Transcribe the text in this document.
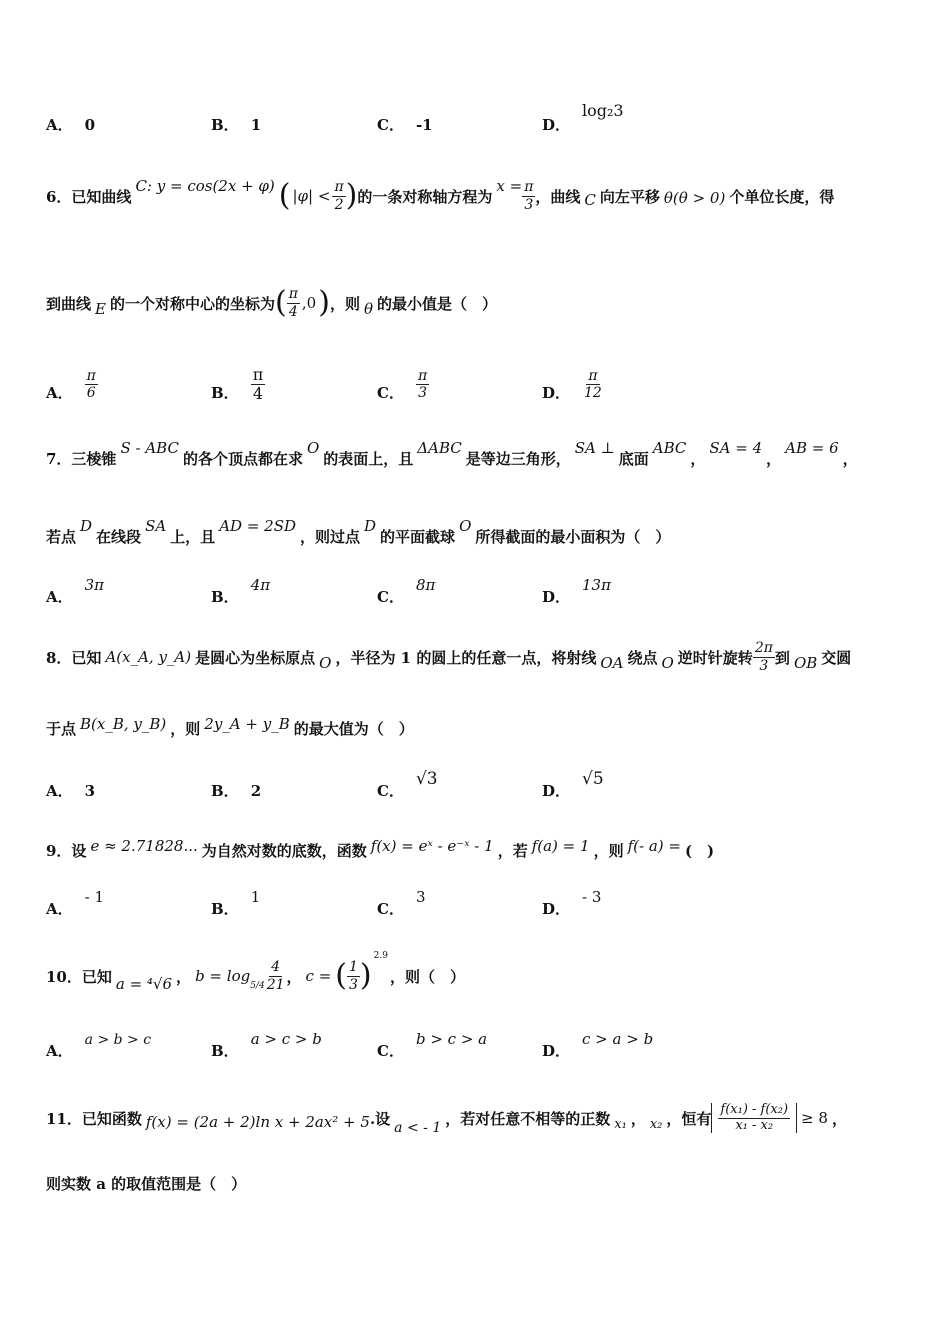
A． 0	B． 1	C． -1	D．
log₂3
6．已知曲线
C: y = cos(2x + φ) ( $|\varphi| < \frac{\pi}{2}$ ) 的一条对称轴方程为
$x = \frac{\pi}{3}$ ，曲线 C 向左平移 θ(θ > 0) 个单位长度，得
到曲线 E 的一个对称中心的坐标为 ( $\frac{\pi}{4} ,0$ ) ，则 θ 的最小值是（　）
A． $\frac{\pi}{6}$	B． $\frac{\pi}{4}$	C． $\frac{\pi}{3}$	D． $\frac{\pi}{12}$
7．三棱锥
S - ABC
的各个顶点都在求
O
的表面上，且
ΔABC
是等边三角形，
SA ⊥
底面
ABC
，
SA = 4
，
AB = 6
，
若点
D
在线段
SA
上，且
AD = 2SD
，则过点
D
的平面截球
O
所得截面的最小面积为（　）
A．
3π
B．
4π
C．
8π
D．
13π
8．已知 A(x_A, y_A) 是圆心为坐标原点 O ，半径为 1 的圆上的任意一点，将射线 OA 绕点 O 逆时针旋转 $\frac{2\pi}{3}$ 到 OB 交圆
于点 B(x_B, y_B) ，则 2y_A + y_B 的最大值为（　）
A． 3	B． 2	C．
√3
D．
√5
9．设 e ≈ 2.71828... 为自然对数的底数，函数 f(x) = eˣ - e⁻ˣ - 1 ，若 f(a) = 1 ，则 f(- a) = (　)
A．
- 1
B．
1
C．
3
D．
- 3
10．已知 a = ⁴√6 ， b = log
$5/4 \frac{4}{21}$ ， c = ( $\frac{1}{3}$ )
2.9
，则（　）
A．
a > b > c
B．
a > c > b
C．
b > c > a
D．
c > a > b
11．已知函数 f(x) = (2a + 2)ln x + 2ax² + 5 .设
a < - 1
，若对任意不相等的正数 x₁ ， x₂ ，恒有 $\frac{\text{f(x₁) - f(x₂)}}{\text{x₁ - x₂}} \ge 8$ ，
则实数 a 的取值范围是（　）
